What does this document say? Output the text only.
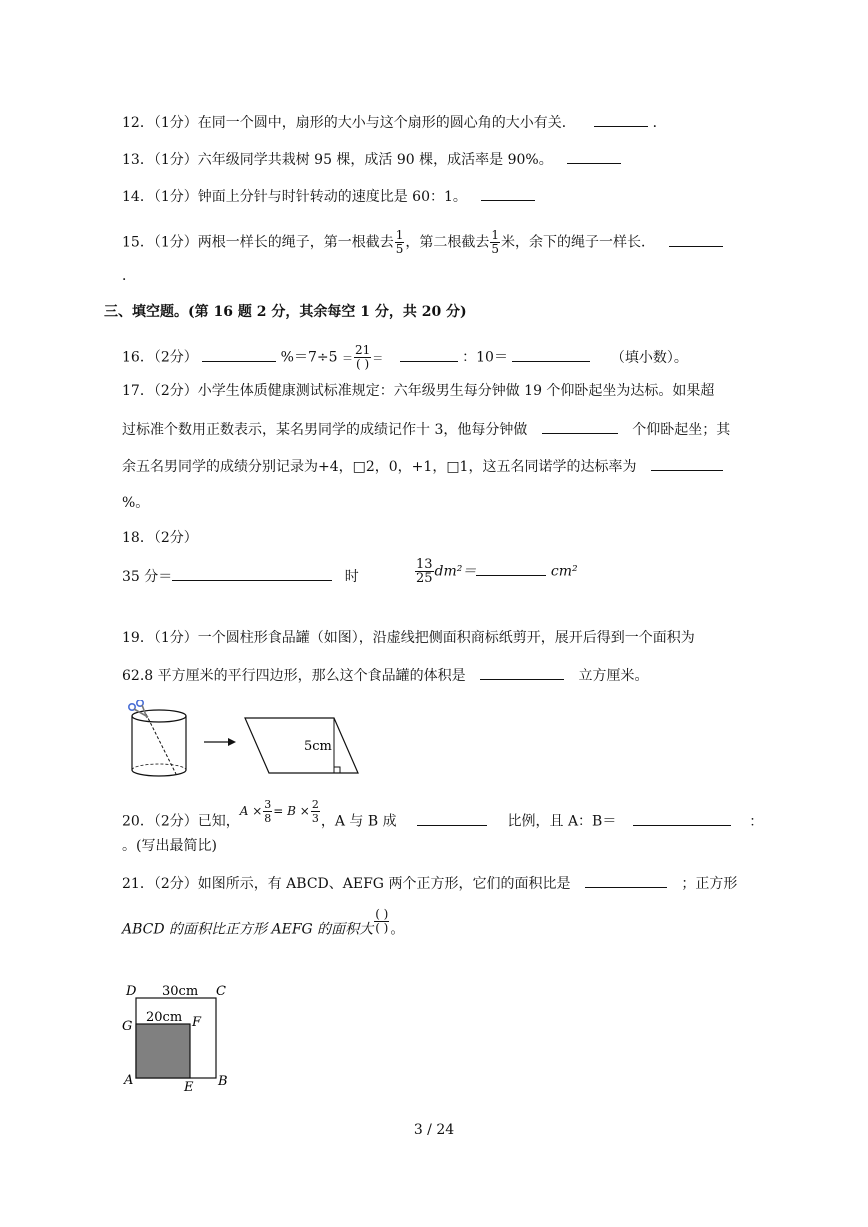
12．（1分）在同一个圆中，扇形的大小与这个扇形的圆心角的大小有关．	．
13．（1分）六年级同学共栽树 95 棵，成活 90 棵，成活率是 90%。
14．（1分）钟面上分针与时针转动的速度比是 60：1。
15．（1分）两根一样长的绳子，第一根截去 $\frac{1}{5}$ ，第二根截去 $\frac{1}{5}$ 米，余下的绳子一样长．
．
三、填空题。(第 16 题 2 分，其余每空 1 分，共 20 分)
16．（2分）	$\%=7\div 5 = \frac{21}{( )}$ ＝	：10＝	（填小数）。
17．（2分）小学生体质健康测试标准规定：六年级男生每分钟做 19 个仰卧起坐为达标。如果超
过标准个数用正数表示，某名男同学的成绩记作十 3，他每分钟做	个仰卧起坐；其
余五名男同学的成绩分别记录为+4，□2，0，+1，□1，这五名同诺学的达标率为
%。
18．（2分）
35 分＝	时	$\frac{13}{25} dm^2=$	cm²
19．（1分）一个圆柱形食品罐（如图），沿虚线把侧面积商标纸剪开，展开后得到一个面积为
62.8 平方厘米的平行四边形，那么这个食品罐的体积是	立方厘米。
5cm
20．（2分）已知，$A \times \frac{3}{8} = B \times \frac{2}{3}$ ，A 与 B 成	比例，且 A：B＝	：
。(写出最简比)
21．（2分）如图所示，有 ABCD、AEFG 两个正方形，它们的面积比是	；正方形
ABCD 的面积比正方形 AEFG 的面积大 $\frac{( )}{( )}$ 。
D 30cm C
G
20cm F
A	E B
3 / 24
